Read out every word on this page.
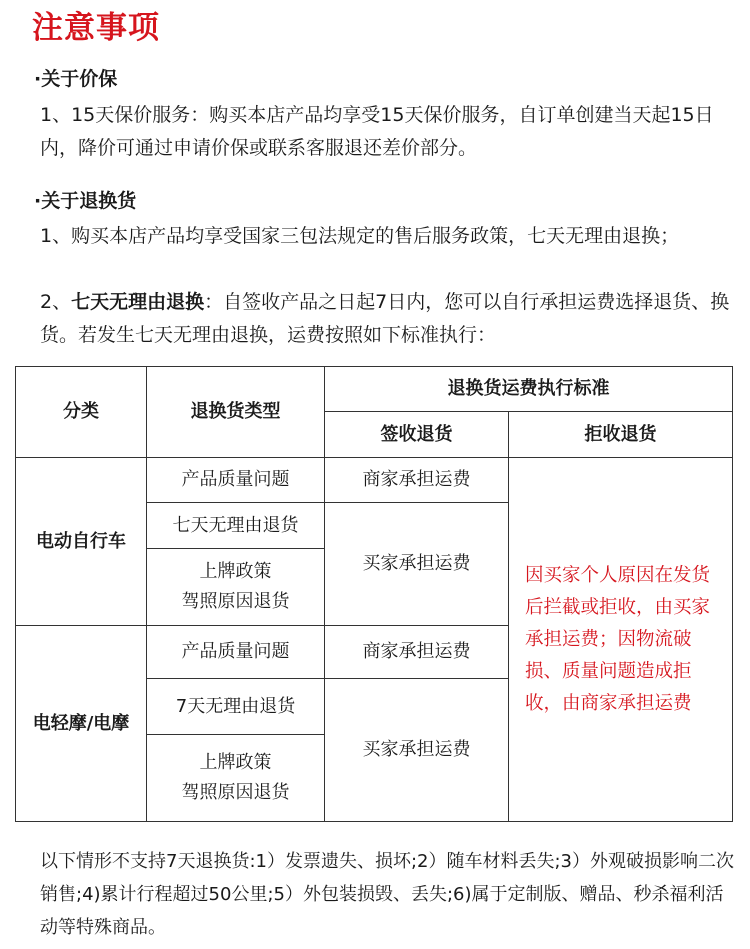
注意事项
·关于价保
1、15天保价服务：购买本店产品均享受15天保价服务，自订单创建当天起15日内，降价可通过申请价保或联系客服退还差价部分。
·关于退换货
1、购买本店产品均享受国家三包法规定的售后服务政策，七天无理由退换；
2、七天无理由退换：自签收产品之日起7日内，您可以自行承担运费选择退货、换货。若发生七天无理由退换，运费按照如下标准执行：
分类	退换货类型	退换货运费执行标准	
		签收退货	拒收退货
电动自行车	产品质量问题	商家承担运费	因买家个人原因在发货后拦截或拒收，由买家承担运费；因物流破损、质量问题造成拒收，由商家承担运费
	七天无理由退货	买家承担运费	

	上牌政策
驾照原因退货		

电轻摩/电摩	产品质量问题	商家承担运费	
	7天无理由退货	买家承担运费	

	上牌政策
驾照原因退货		
以下情形不支持7天退换货:1）发票遗失、损坏;2）随车材料丢失;3）外观破损影响二次销售;4)累计行程超过50公里;5）外包装损毁、丢失;6)属于定制版、赠品、秒杀福利活动等特殊商品。
